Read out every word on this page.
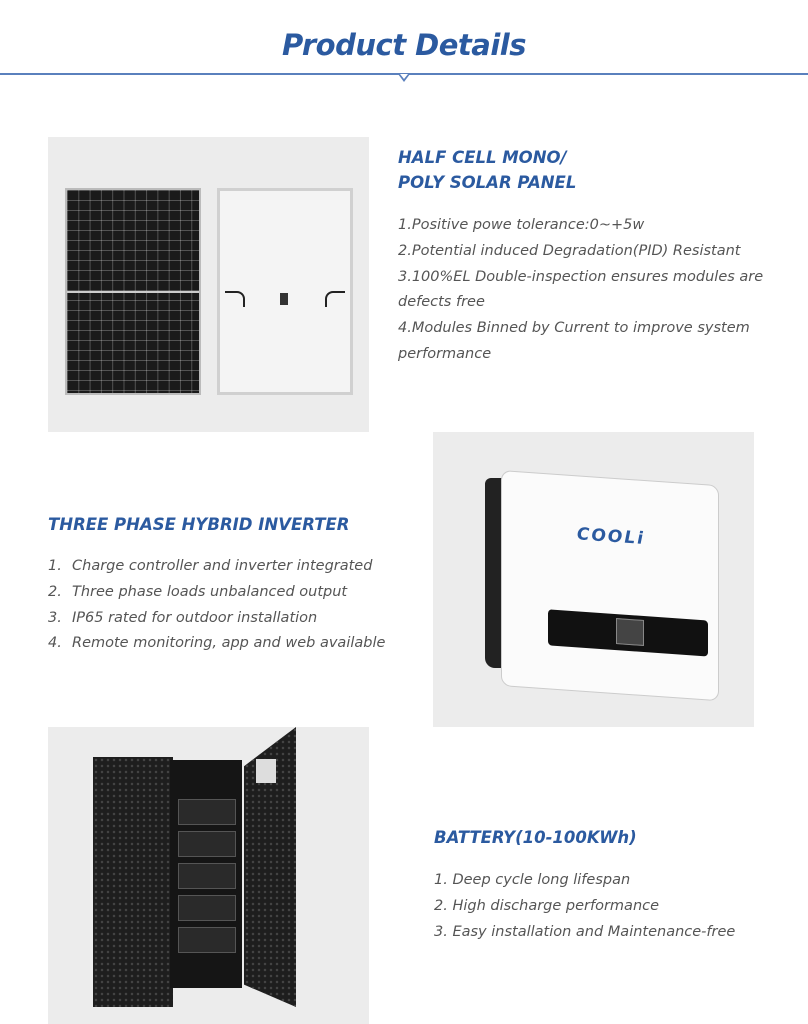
Product Details
HALF CELL MONO/
POLY SOLAR PANEL
1.Positive powe tolerance:0~+5w
2.Potential induced Degradation(PID) Resistant
3.100%EL Double-inspection ensures modules are defects free
4.Modules Binned by Current to improve system performance
THREE PHASE HYBRID INVERTER
1. Charge controller and inverter integrated
2. Three phase loads unbalanced output
3. IP65 rated for outdoor installation
4. Remote monitoring, app and web available
COOLi
BATTERY(10-100KWh)
1. Deep cycle long lifespan
2. High discharge performance
3. Easy installation and Maintenance-free
